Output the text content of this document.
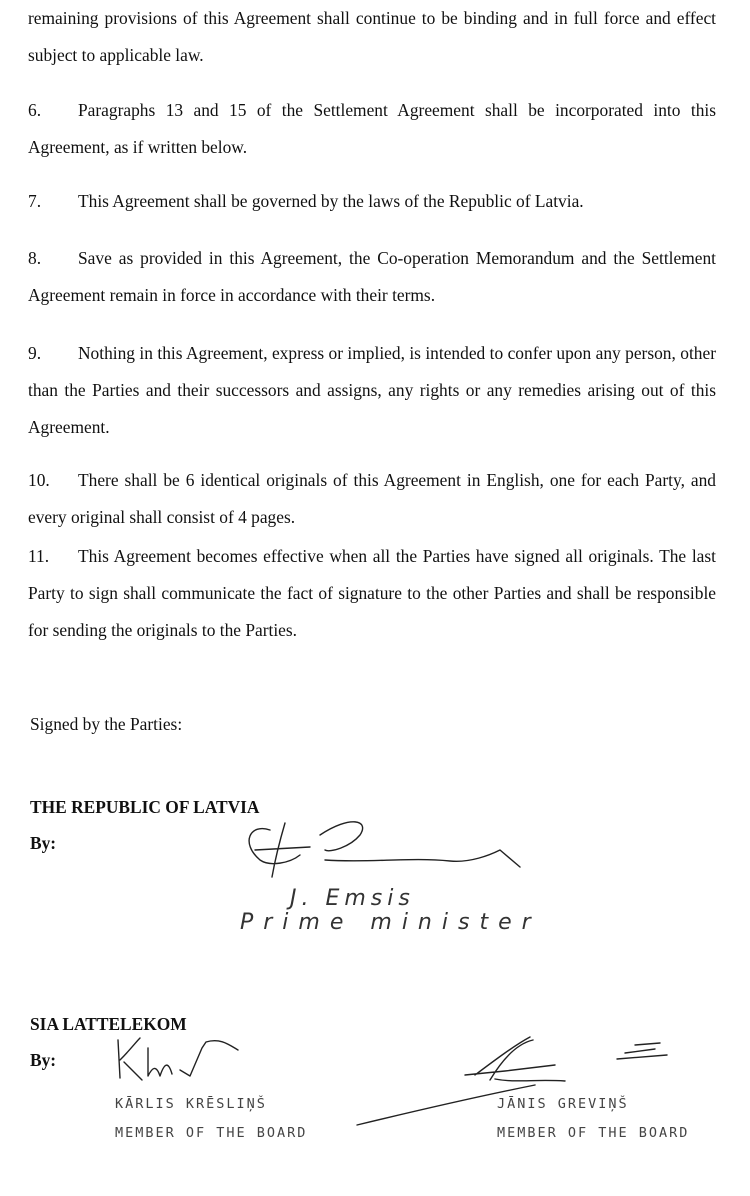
remaining provisions of this Agreement shall continue to be binding and in full force and effect subject to applicable law.

6. Paragraphs 13 and 15 of the Settlement Agreement shall be incorporated into this Agreement, as if written below.

7. This Agreement shall be governed by the laws of the Republic of Latvia.

8. Save as provided in this Agreement, the Co-operation Memorandum and the Settlement Agreement remain in force in accordance with their terms.

9. Nothing in this Agreement, express or implied, is intended to confer upon any person, other than the Parties and their successors and assigns, any rights or any remedies arising out of this Agreement.

10. There shall be 6 identical originals of this Agreement in English, one for each Party, and every original shall consist of 4 pages.

11. This Agreement becomes effective when all the Parties have signed all originals. The last Party to sign shall communicate the fact of signature to the other Parties and shall be responsible for sending the originals to the Parties.

Signed by the Parties:

THE REPUBLIC OF LATVIA

By:

J. Emsis

Prime minister

SIA LATTELEKOM

By:

KĀRLIS KRĒSLIŅŠ

MEMBER OF THE BOARD

JĀNIS GREVIŅŠ

MEMBER OF THE BOARD
